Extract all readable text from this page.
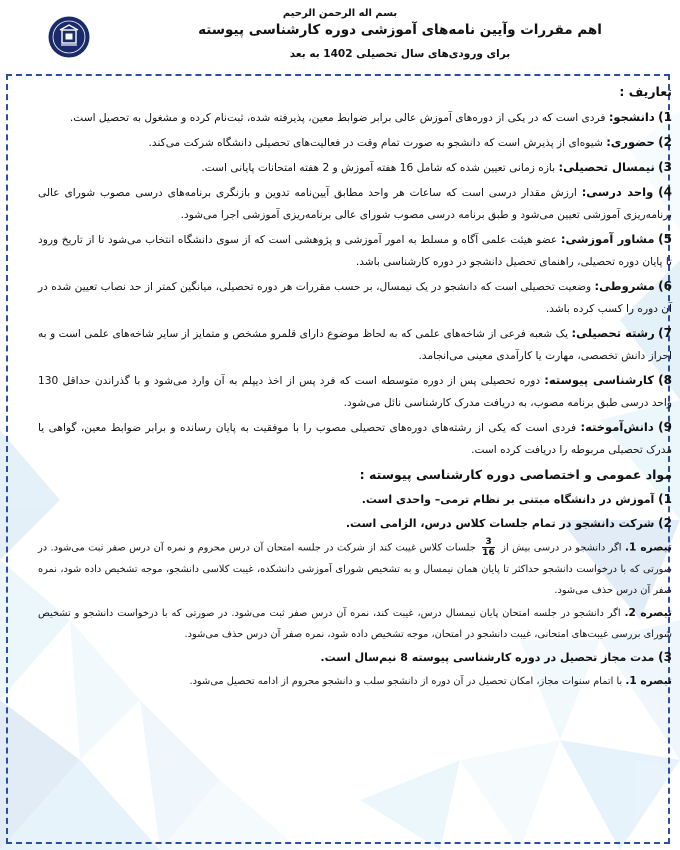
بسم اله الرحمن الرحیم
اهم مقررات وآیین نامه‌های آموزشی دوره کارشناسی پیوسته
برای ورودی‌های سال تحصیلی 1402 به بعد
تعاریف :
1) دانشجو: فردی است که در یکی از دوره‌های آموزش عالی برابر ضوابط معین، پذیرفته شده، ثبت‌نام کرده و مشغول به تحصیل است.
2) حضوری: شیوه‌ای از پذیرش است که دانشجو به صورت تمام وقت در فعالیت‌های تحصیلی دانشگاه شرکت می‌کند.
3) نیمسال تحصیلی: بازه زمانی تعیین شده که شامل 16 هفته آموزش و 2 هفته امتحانات پایانی است.
4) واحد درسی: ارزش مقدار درسی است که ساعات هر واحد مطابق آیین‌نامه تدوین و بازنگری برنامه‌های درسی مصوب شورای عالی برنامه‌ریزی آموزشی تعیین می‌شود و طبق برنامه درسی مصوب شورای عالی برنامه‌ریزی آموزشی اجرا می‌شود.
5) مشاور آموزشی: عضو هیئت علمی آگاه و مسلط به امور آموزشی و پژوهشی است که از سوی دانشگاه انتخاب می‌شود تا از تاریخ ورود تا پایان دوره تحصیلی، راهنمای تحصیل دانشجو در دوره کارشناسی باشد.
6) مشروطی: وضعیت تحصیلی است که دانشجو در یک نیمسال، بر حسب مقررات هر دوره تحصیلی، میانگین کمتر از حد نصاب تعیین شده در آن دوره را کسب کرده باشد.
7) رشته تحصیلی: یک شعبه فرعی از شاخه‌های علمی که به لحاظ موضوع دارای قلمرو مشخص و متمایز از سایر شاخه‌های علمی است و به احراز دانش تخصصی، مهارت یا کارآمدی معینی می‌انجامد.
8) کارشناسی پیوسته: دوره تحصیلی پس از دوره متوسطه است که فرد پس از اخذ دیپلم به آن وارد می‌شود و با گذراندن حداقل 130 واحد درسی طبق برنامه مصوب، به دریافت مدرک کارشناسی نائل می‌شود.
9) دانش‌آموخته: فردی است که یکی از رشته‌های دوره‌های تحصیلی مصوب را با موفقیت به پایان رسانده و برابر ضوابط معین، گواهی یا مدرک تحصیلی مربوطه را دریافت کرده است.
مواد عمومی و اختصاصی دوره کارشناسی پیوسته :
1) آموزش در دانشگاه مبتنی بر نظام ترمی– واحدی است.
2) شرکت دانشجو در تمام جلسات کلاس درس، الزامی است.
تبصره 1. اگر دانشجو در درسی بیش از
$\frac{3}{16}$
جلسات کلاس غیبت کند از شرکت در جلسه امتحان آن درس محروم و نمره آن درس صفر ثبت می‌شود. در صورتی که با درخواست دانشجو حداکثر تا پایان همان نیمسال و به تشخیص شورای آموزشی دانشکده، غیبت کلاسی دانشجو، موجه تشخیص داده شود، نمره صفر آن درس حذف می‌شود.
تبصره 2. اگر دانشجو در جلسه امتحان پایان نیمسال درس، غیبت کند، نمره آن درس صفر ثبت می‌شود. در صورتی که با درخواست دانشجو و تشخیص شورای بررسی غیبت‌های امتحانی، غیبت دانشجو در امتحان، موجه تشخیص داده شود، نمره صفر آن درس حذف می‌شود.
3) مدت مجاز تحصیل در دوره کارشناسی پیوسته 8 نیم‌سال است.
تبصره 1. با اتمام سنوات مجاز، امکان تحصیل در آن دوره از دانشجو سلب و دانشجو محروم از ادامه تحصیل می‌شود.
